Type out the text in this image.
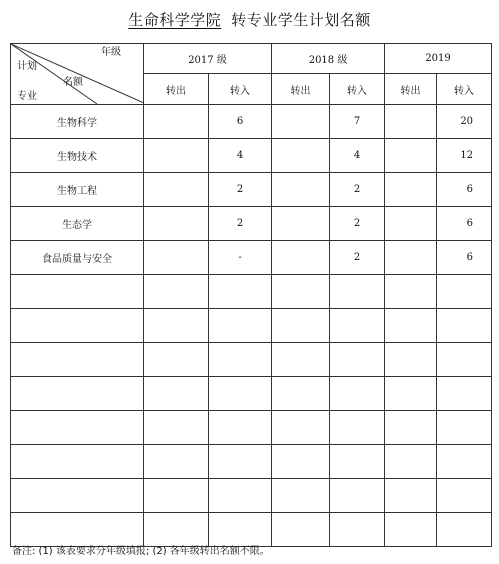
生命科学学院 转专业学生计划名额
年级
计划
名额
专业	2017 级		2018 级		2019	
	转出	转入	转出	转入	转出	转入
生物科学		6		7		20
生物技术		4		4		12
生物工程		2		2		6
生态学		2		2		6
食品质量与安全		-		2		6

备注: (1) 该表要求分年级填报; (2) 各年级转出名额不限。
